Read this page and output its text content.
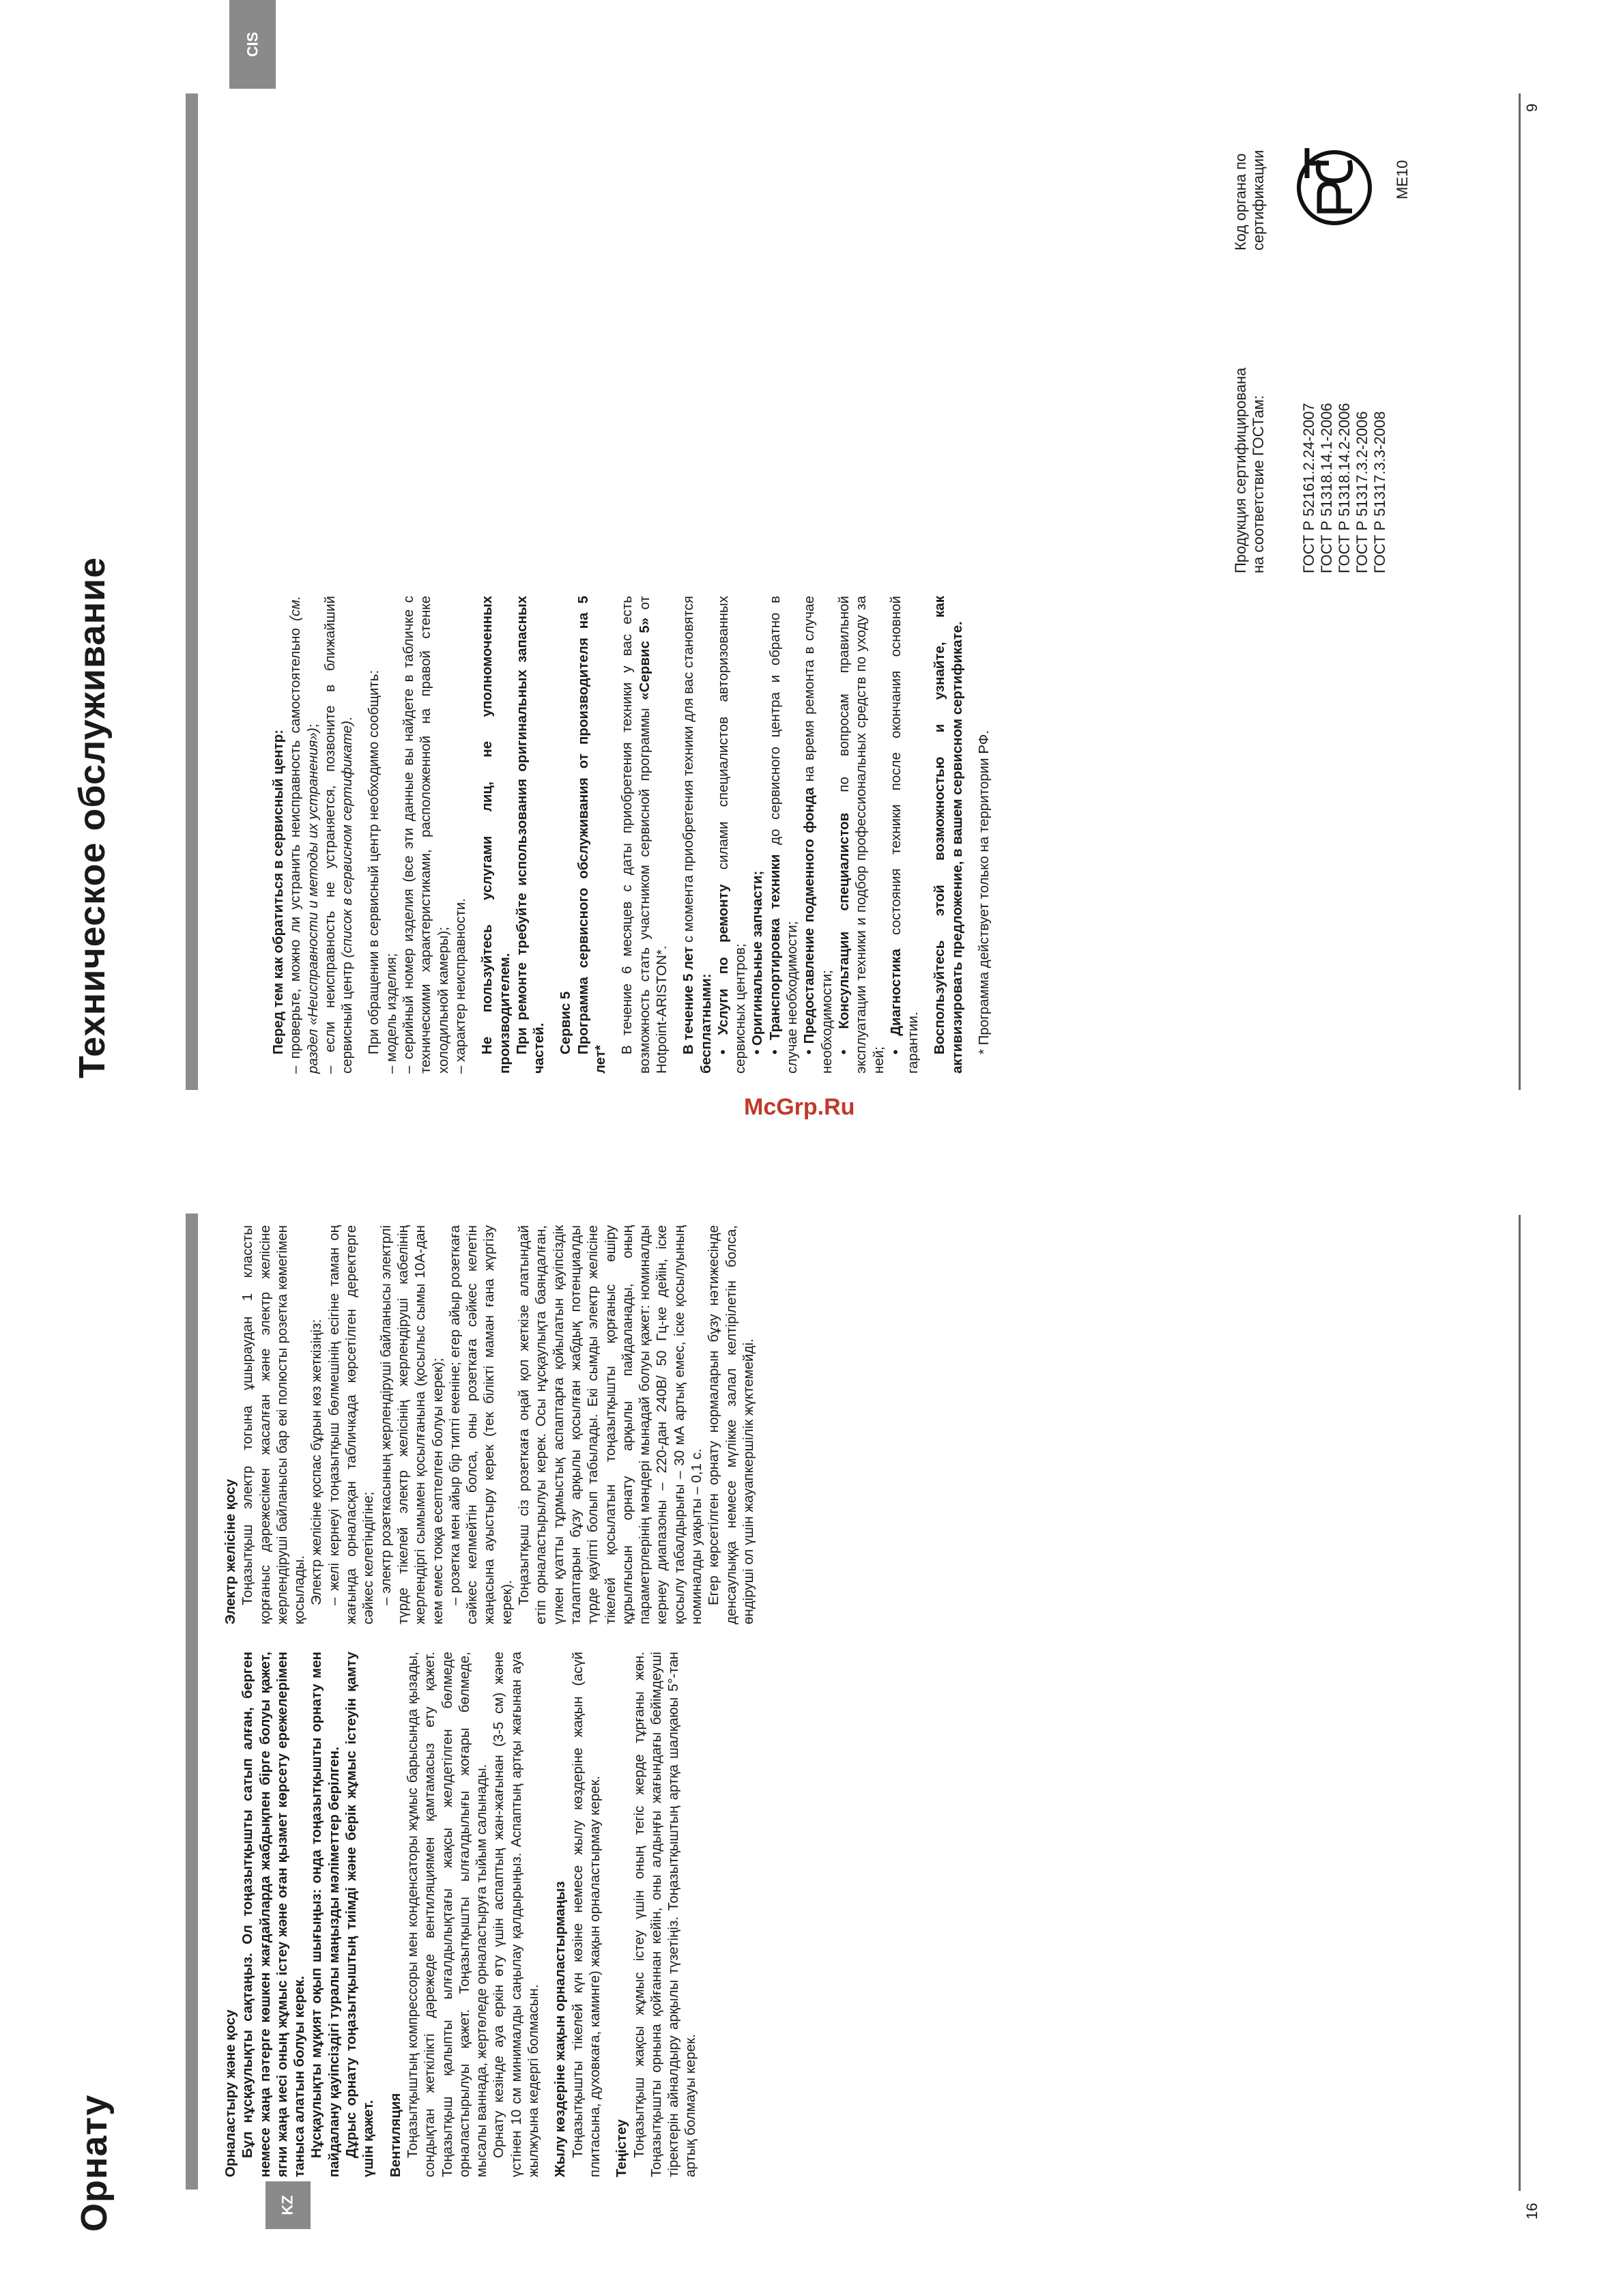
16
KZ
Орнату	Орналастыру және қосу Бұл нұсқаулықты сақтаңыз. Ол тоңазытқышты сатып алған, берген немесе жаңа пәтерге көшкен жағдайларда жабдықпен бірге болуы қажет, ягни жаңа иесі оның жұмыс істеу және оған қызмет көрсету ережелерімен таныса алатын болуы керек. Нұсқаулықты мұқият оқып шығыңыз: онда тоңазытқышты орнату мен пайдалану қауіпсіздігі туралы маңызды мәліметтер берілген. Дұрыс орнату тоңазытқыштың тиімді және берік жұмыс істеуін қамту үшін қажет. Вентиляция Тоңазытқыштың компрессоры мен конденсаторы жұмыс барысында қызады, сондықтан жеткілікті дәрежеде вентиляциямен қамтамасыз ету қажет. Тоңазытқыш қалыпты ылғалдылықтағы жақсы желдетілген бөлмеде орналастырылуы қажет. Тоңазытқышты ылғалдылығы жоғары бөлмеде, мысалы ваннада, жертөледе орналастыруға тыйым салынады. Орнату кезінде ауа еркін өту үшін аспаптың жан-жағынан (3-5 см) және үстінен 10 см минималды саңылау қалдырыңыз. Аспаптың артқы жағынан ауа жылжуына кедергі болмасын. Жылу көздеріне жақын орналастырмаңыз Тоңазытқышты тікелей күн көзіне немесе жылу көздеріне жақын (асүй плитасына, духовкаға, каминге) жақын орналастырмау керек. Теңістеу Тоңазытқыш жақсы жұмыс істеу үшін оның тегіс жерде тұрғаны жөн. Тоңазытқышты орнына қойғаннан кейін, оны алдыңғы жағындағы бейімдеуші тіректерін айналдыру арқылы түзетіңіз. Тоңазытқыштың артқа шалқаюы 5°-тан артық болмауы керек.

Электр желісіне қосу Тоңазытқыш электр тогына ұшыраудан 1 классты қорғаныс дәрежесімен жасалған және электр желісіне жерлендіруші байланысы бар екі полюсты розетка көмегімен қосылады. Электр желісіне қоспас бұрын көз жеткізіңіз: – желі кернеуі тоңазытқыш бөлмешінің есігіне таман оң жағында орналасқан табличкада көрсетілген деректерге сәйкес келетіндігіне; – электр розеткасының жерлендіруші байланысы электрлі түрде тікелей электр желісінің жерлендіруші кабелінің жерлендіргі сымымен қосылғанына (қосылыс сымы 10А-дан кем емес токқа есептелген болуы керек); – розетка мен айыр бір типті екеніне; егер айыр розеткаға сәйкес келмейтін болса, оны розеткаға сәйкес келетін жаңасына ауыстыру керек (тек білікті маман ғана жүргізу керек). Тоңазытқыш сіз розеткаға оңай қол жеткізе алатындай етіп орналастырылуы керек. Осы нұсқаулықта баяндалған, үлкен қуатты тұрмыстық аспаптарға қойылатын қауіпсіздік талаптарын бұзу арқылы қосылған жабдық потенциалды түрде қауіпті болып табылады. Екі сымды электр желісіне тікелей қосылатын тоңазытқышты қорғаныс өшіру құрылғысын орнату арқылы пайдаланады, оның параметрлерінің мәндері мынадай болуы қажет: номиналды кернеу диапазоны – 220-дан 240В/ 50 Гц-ке дейін, іске қосылу табалдырығы – 30 мА артық емес, іске қосылуының номиналды уақыты – 0,1 с. Егер көрсетілген орнату нормаларын бұзу нәтижесінде денсаулыққа немесе мүлікке залал келтірілетін болса, өндіруші ол үшін жауапкершілік жүктемейді.

9
CIS
Техническое обслуживание
McGrp.Ru

Перед тем как обратиться в сервисный центр: – проверьте, можно ли устранить неисправность самостоятельно (см. раздел «Неисправности и методы их устранения»); – если неисправность не устраняется, позвоните в ближайший сервисный центр (список в сервисном сертификате). При обращении в сервисный центр необходимо сообщить: – модель изделия; – серийный номер изделия (все эти данные вы найдете в табличке с техническими характеристиками, расположенной на правой стенке холодильной камеры); – характер неисправности. Не пользуйтесь услугами лиц, не уполномоченных производителем. При ремонте требуйте использования оригинальных запасных частей. Сервис 5 Программа сервисного обслуживания от производителя на 5 лет*

В течение 6 месяцев с даты приобретения техники у вас есть возможность стать участником сервисной программы «Сервис 5» от Hotpoint-ARISTON*. В течение 5 лет с момента приобретения техники для вас становятся бесплатными: • Услуги по ремонту силами специалистов авторизованных сервисных центров; • Оригинальные запчасти; • Транспортировка техники до сервисного центра и обратно в случае необходимости; • Предоставление подменного фонда на время ремонта в случае необходимости; • Консультации специалистов по вопросам правильной эксплуатации техники и подбор профессиональных средств по уходу за ней;

• Диагностика состояния техники после окончания основной гарантии. Воспользуйтесь этой возможностью и узнайте, как активизировать предложение, в вашем сервисном сертификате. * Программа действует только на территории РФ.

Продукция сертифицирована на соответствие ГОСТам: ГОСТ Р 52161.2.24-2007 ГОСТ Р 51318.14.1-2006 ГОСТ Р 51318.14.2-2006 ГОСТ Р 51317.3.2-2006 ГОСТ Р 51317.3.3-2008
Код органа по сертификации	МЕ10
